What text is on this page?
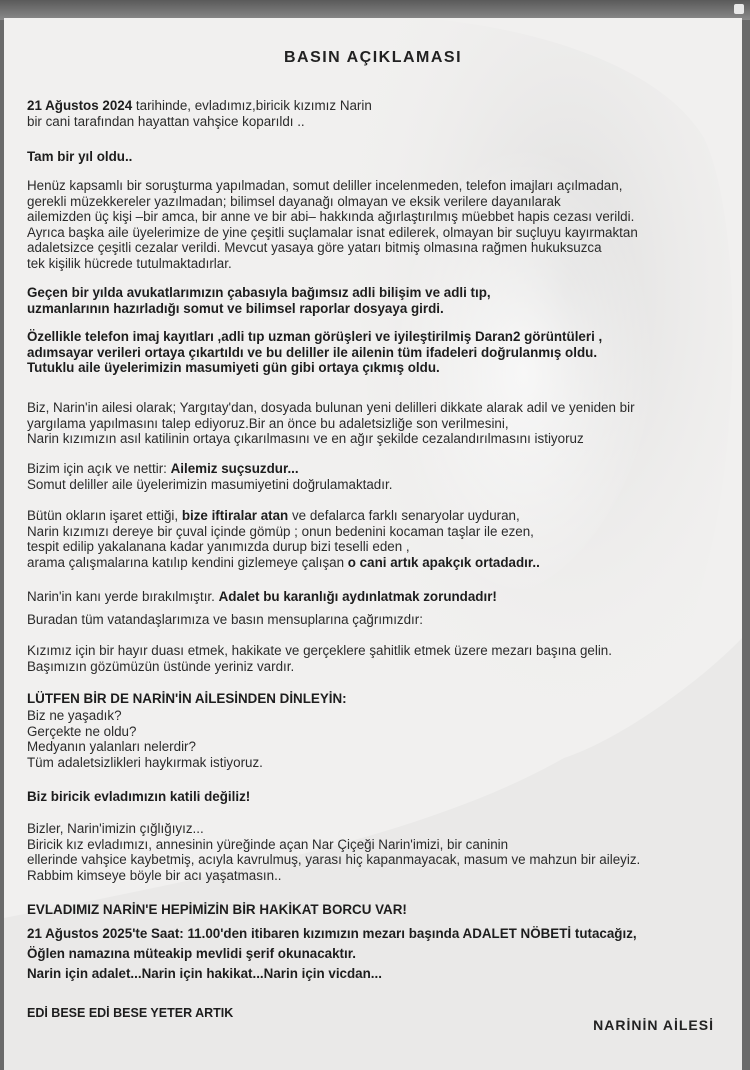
BASIN AÇIKLAMASI
21 Ağustos 2024 tarihinde, evladımız,biricik kızımız Narin
bir cani tarafından hayattan vahşice koparıldı ..
Tam bir yıl oldu..
Henüz kapsamlı bir soruşturma yapılmadan, somut deliller incelenmeden, telefon imajları açılmadan,
gerekli müzekkereler yazılmadan; bilimsel dayanağı olmayan ve eksik verilere dayanılarak
ailemizden üç kişi –bir amca, bir anne ve bir abi– hakkında ağırlaştırılmış müebbet hapis cezası verildi.
Ayrıca başka aile üyelerimize de yine çeşitli suçlamalar isnat edilerek, olmayan bir suçluyu kayırmaktan
adaletsizce çeşitli cezalar verildi. Mevcut yasaya göre yatarı bitmiş olmasına rağmen hukuksuzca
tek kişilik hücrede tutulmaktadırlar.
Geçen bir yılda avukatlarımızın çabasıyla bağımsız adli bilişim ve adli tıp,
uzmanlarının hazırladığı somut ve bilimsel raporlar dosyaya girdi.
Özellikle telefon imaj kayıtları ,adli tıp uzman görüşleri ve iyileştirilmiş Daran2 görüntüleri ,
adımsayar verileri ortaya çıkartıldı ve bu deliller ile ailenin tüm ifadeleri doğrulanmış oldu.
Tutuklu aile üyelerimizin masumiyeti gün gibi ortaya çıkmış oldu.
Biz, Narin'in ailesi olarak; Yargıtay'dan, dosyada bulunan yeni delilleri dikkate alarak adil ve yeniden bir
yargılama yapılmasını talep ediyoruz.Bir an önce bu adaletsizliğe son verilmesini,
Narin kızımızın asıl katilinin ortaya çıkarılmasını ve en ağır şekilde cezalandırılmasını istiyoruz
Bizim için açık ve nettir: Ailemiz suçsuzdur...
Somut deliller aile üyelerimizin masumiyetini doğrulamaktadır.
Bütün okların işaret ettiği, bize iftiralar atan ve defalarca farklı senaryolar uyduran,
Narin kızımızı dereye bir çuval içinde gömüp ; onun bedenini kocaman taşlar ile ezen,
tespit edilip yakalanana kadar yanımızda durup bizi teselli eden ,
arama çalışmalarına katılıp kendini gizlemeye çalışan o cani artık apakçık ortadadır..
Narin'in kanı yerde bırakılmıştır. Adalet bu karanlığı aydınlatmak zorundadır!
Buradan tüm vatandaşlarımıza ve basın mensuplarına çağrımızdır:
Kızımız için bir hayır duası etmek, hakikate ve gerçeklere şahitlik etmek üzere mezarı başına gelin.
Başımızın gözümüzün üstünde yeriniz vardır.
LÜTFEN BİR DE NARİN'İN AİLESİNDEN DİNLEYİN:
Biz ne yaşadık?
Gerçekte ne oldu?
Medyanın yalanları nelerdir?
Tüm adaletsizlikleri haykırmak istiyoruz.
Biz biricik evladımızın katili değiliz!
Bizler, Narin'imizin çığlığıyız...
Biricik kız evladımızı, annesinin yüreğinde açan Nar Çiçeği Narin'imizi, bir caninin
ellerinde vahşice kaybetmiş, acıyla kavrulmuş, yarası hiç kapanmayacak, masum ve mahzun bir aileyiz.
Rabbim kimseye böyle bir acı yaşatmasın..
EVLADIMIZ NARİN'E HEPİMİZİN BİR HAKİKAT BORCU VAR!
21 Ağustos 2025'te Saat: 11.00'den itibaren kızımızın mezarı başında ADALET NÖBETİ tutacağız,
Öğlen namazına müteakip mevlidi şerif okunacaktır.
Narin için adalet...Narin için hakikat...Narin için vicdan...
EDİ BESE EDİ BESE YETER ARTIK
NARİNİN AİLESİ
